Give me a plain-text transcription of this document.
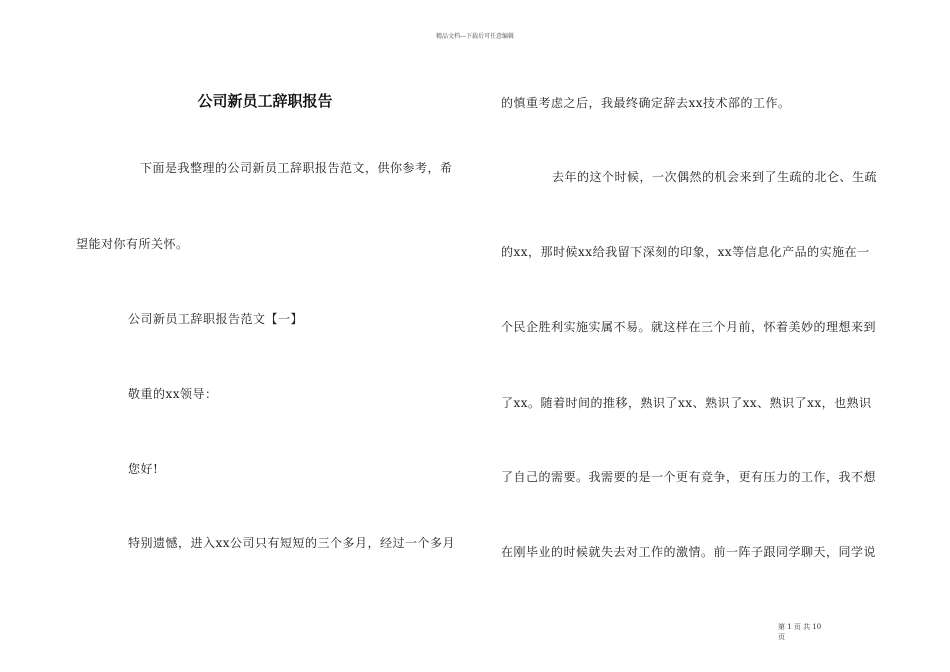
精品文档---下载后可任意编辑
公司新员工辞职报告
下面是我整理的公司新员工辞职报告范文，供你参考，希
望能对你有所关怀。
公司新员工辞职报告范文【一】
敬重的xx领导：
您好!
特别遗憾，进入xx公司只有短短的三个多月，经过一个多月
的慎重考虑之后，我最终确定辞去xx技术部的工作。
去年的这个时候，一次偶然的机会来到了生疏的北仑、生疏
的xx，那时候xx给我留下深刻的印象，xx等信息化产品的实施在一
个民企胜利实施实属不易。就这样在三个月前，怀着美妙的理想来到
了xx。随着时间的推移，熟识了xx、熟识了xx、熟识了xx，也熟识
了自己的需要。我需要的是一个更有竞争，更有压力的工作，我不想
在刚毕业的时候就失去对工作的激情。前一阵子跟同学聊天，同学说
第 1 页 共 10
页
